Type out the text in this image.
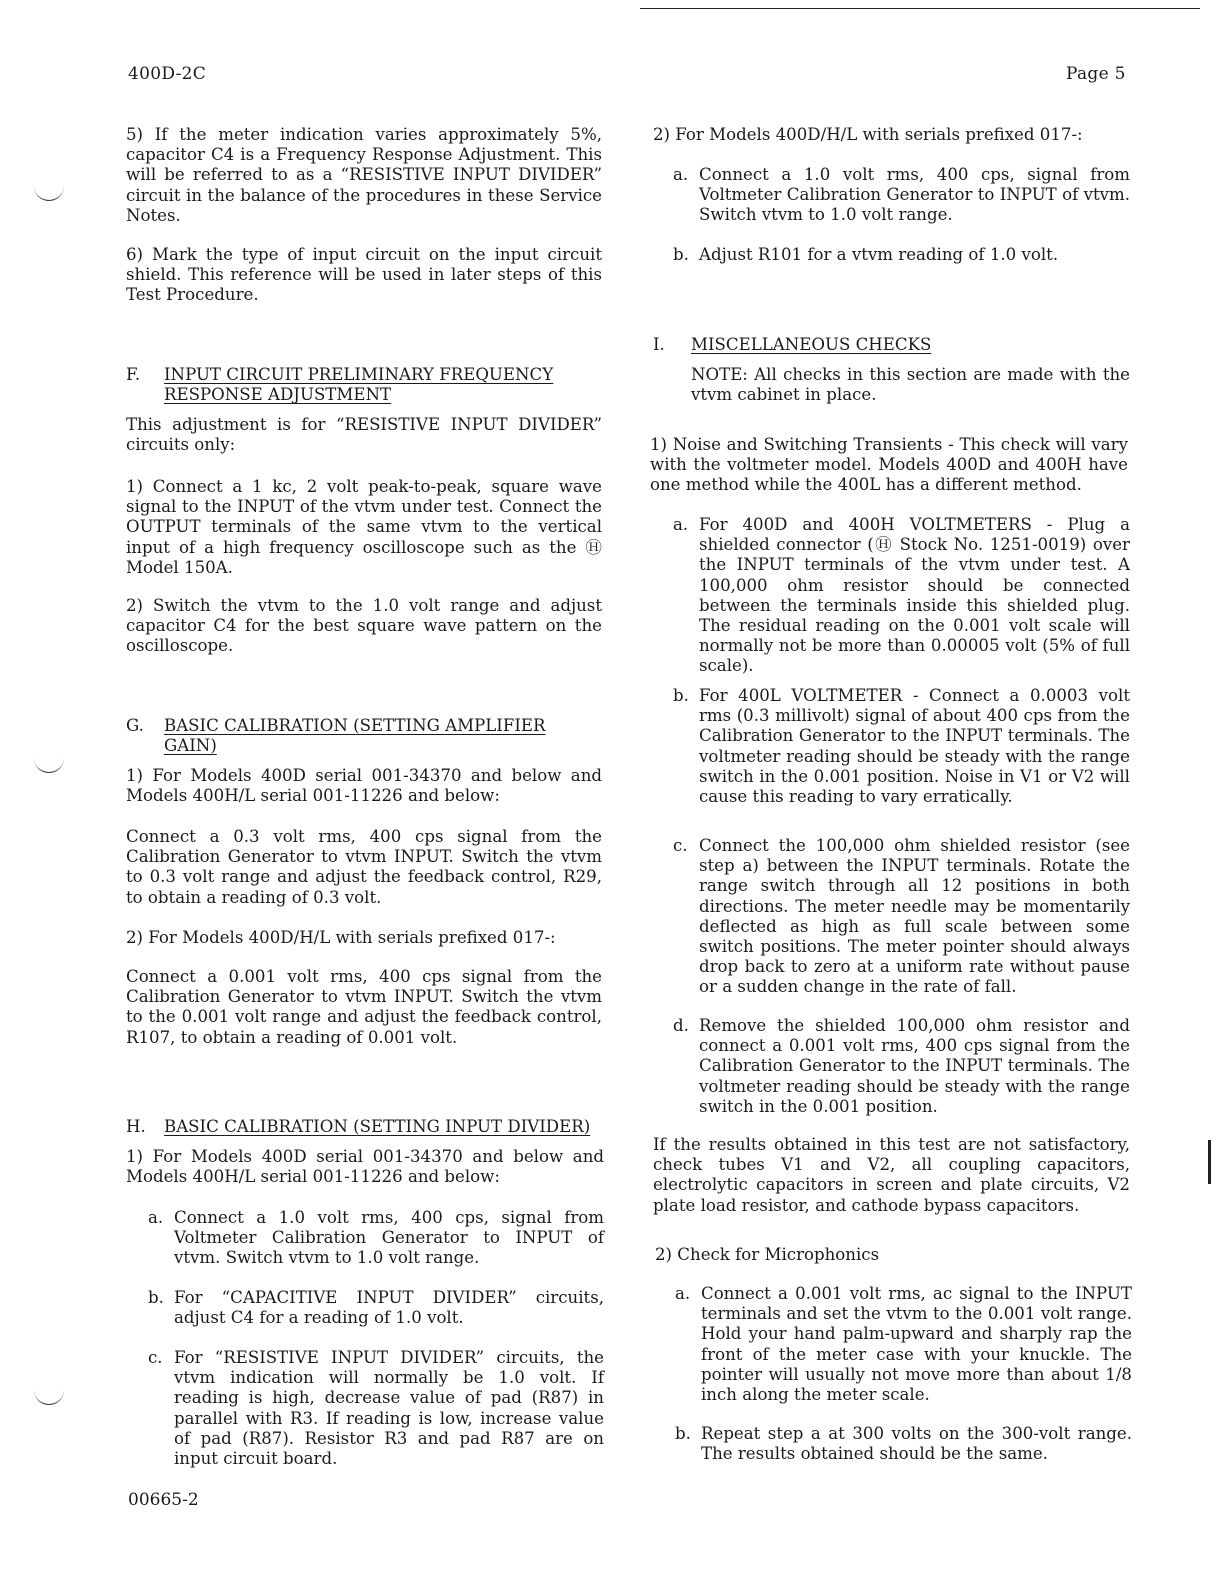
400D-2C	Page 5
5) If the meter indication varies approximately 5%, capacitor C4 is a Frequency Response Adjustment. This will be referred to as a “RESISTIVE INPUT DIVIDER” circuit in the balance of the procedures in these Service Notes.
6) Mark the type of input circuit on the input circuit shield. This reference will be used in later steps of this Test Procedure.
F.	INPUT CIRCUIT PRELIMINARY FREQUENCY RESPONSE ADJUSTMENT
This adjustment is for “RESISTIVE INPUT DIVIDER” circuits only:
1) Connect a 1 kc, 2 volt peak-to-peak, square wave signal to the INPUT of the vtvm under test. Connect the OUTPUT terminals of the same vtvm to the vertical input of a high frequency oscilloscope such as the Ⓗ Model 150A.
2) Switch the vtvm to the 1.0 volt range and adjust capacitor C4 for the best square wave pattern on the oscilloscope.
G.	BASIC CALIBRATION (SETTING AMPLIFIER GAIN)
1) For Models 400D serial 001-34370 and below and Models 400H/L serial 001-11226 and below:
Connect a 0.3 volt rms, 400 cps signal from the Calibration Generator to vtvm INPUT. Switch the vtvm to 0.3 volt range and adjust the feedback control, R29, to obtain a reading of 0.3 volt.
2) For Models 400D/H/L with serials prefixed 017-:
Connect a 0.001 volt rms, 400 cps signal from the Calibration Generator to vtvm INPUT. Switch the vtvm to the 0.001 volt range and adjust the feedback control, R107, to obtain a reading of 0.001 volt.
H.	BASIC CALIBRATION (SETTING INPUT DIVIDER)
1) For Models 400D serial 001-34370 and below and Models 400H/L serial 001-11226 and below:
a. Connect a 1.0 volt rms, 400 cps, signal from Voltmeter Calibration Generator to INPUT of vtvm. Switch vtvm to 1.0 volt range.
b. For “CAPACITIVE INPUT DIVIDER” circuits, adjust C4 for a reading of 1.0 volt.
c. For “RESISTIVE INPUT DIVIDER” circuits, the vtvm indication will normally be 1.0 volt. If reading is high, decrease value of pad (R87) in parallel with R3. If reading is low, increase value of pad (R87). Resistor R3 and pad R87 are on input circuit board.
2) For Models 400D/H/L with serials prefixed 017-:
a. Connect a 1.0 volt rms, 400 cps, signal from Voltmeter Calibration Generator to INPUT of vtvm. Switch vtvm to 1.0 volt range.
b. Adjust R101 for a vtvm reading of 1.0 volt.
I.	MISCELLANEOUS CHECKS
NOTE: All checks in this section are made with the vtvm cabinet in place.
1) Noise and Switching Transients - This check will vary with the voltmeter model. Models 400D and 400H have one method while the 400L has a different method.
a. For 400D and 400H VOLTMETERS - Plug a shielded connector (Ⓗ Stock No. 1251-0019) over the INPUT terminals of the vtvm under test. A 100,000 ohm resistor should be connected between the terminals inside this shielded plug. The residual reading on the 0.001 volt scale will normally not be more than 0.00005 volt (5% of full scale).
b. For 400L VOLTMETER - Connect a 0.0003 volt rms (0.3 millivolt) signal of about 400 cps from the Calibration Generator to the INPUT terminals. The voltmeter reading should be steady with the range switch in the 0.001 position. Noise in V1 or V2 will cause this reading to vary erratically.
c. Connect the 100,000 ohm shielded resistor (see step a) between the INPUT terminals. Rotate the range switch through all 12 positions in both directions. The meter needle may be momentarily deflected as high as full scale between some switch positions. The meter pointer should always drop back to zero at a uniform rate without pause or a sudden change in the rate of fall.
d. Remove the shielded 100,000 ohm resistor and connect a 0.001 volt rms, 400 cps signal from the Calibration Generator to the INPUT terminals. The voltmeter reading should be steady with the range switch in the 0.001 position.
If the results obtained in this test are not satisfactory, check tubes V1 and V2, all coupling capacitors, electrolytic capacitors in screen and plate circuits, V2 plate load resistor, and cathode bypass capacitors.
2) Check for Microphonics
a. Connect a 0.001 volt rms, ac signal to the INPUT terminals and set the vtvm to the 0.001 volt range. Hold your hand palm-upward and sharply rap the front of the meter case with your knuckle. The pointer will usually not move more than about 1/8 inch along the meter scale.
b. Repeat step a at 300 volts on the 300-volt range. The results obtained should be the same.
00665-2
